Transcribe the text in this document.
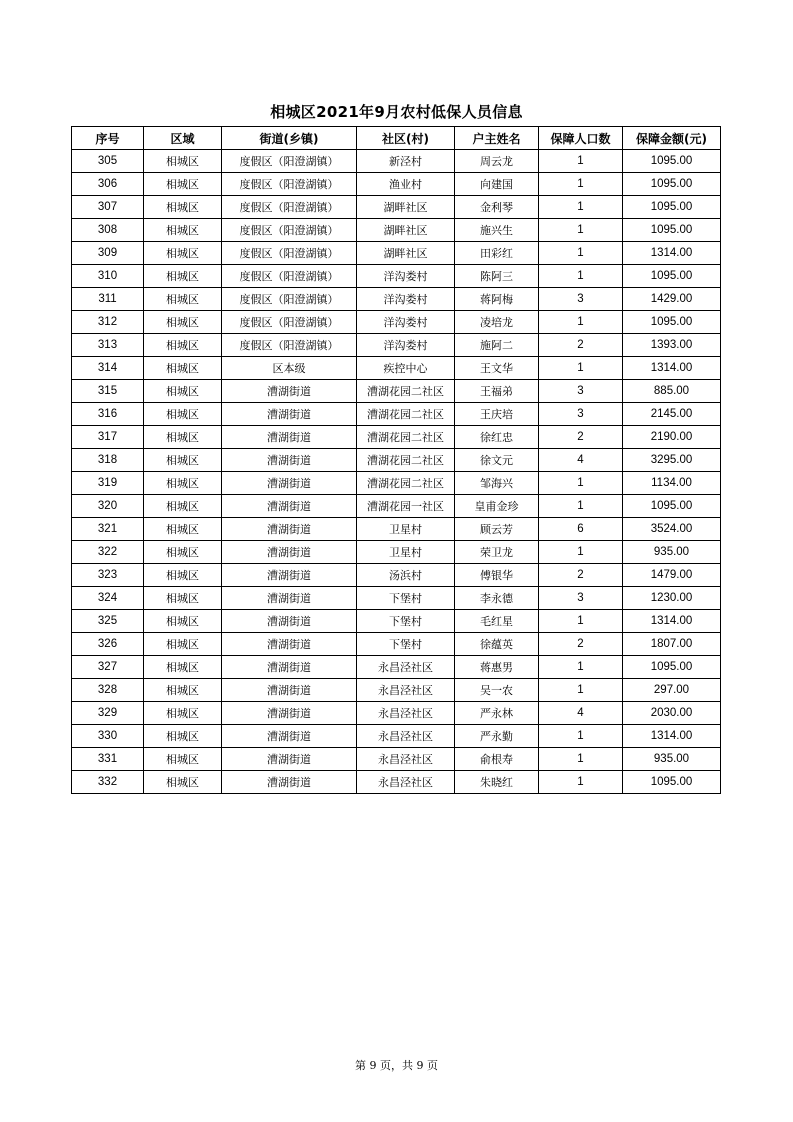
相城区2021年9月农村低保人员信息
序号	区域	街道(乡镇)	社区(村)	户主姓名	保障人口数	保障金额(元)
305	相城区	度假区（阳澄湖镇）	新泾村	周云龙	1	1095.00
306	相城区	度假区（阳澄湖镇）	渔业村	向建国	1	1095.00
307	相城区	度假区（阳澄湖镇）	湖畔社区	金利琴	1	1095.00
308	相城区	度假区（阳澄湖镇）	湖畔社区	施兴生	1	1095.00
309	相城区	度假区（阳澄湖镇）	湖畔社区	田彩红	1	1314.00
310	相城区	度假区（阳澄湖镇）	洋沟娄村	陈阿三	1	1095.00
311	相城区	度假区（阳澄湖镇）	洋沟娄村	蒋阿梅	3	1429.00
312	相城区	度假区（阳澄湖镇）	洋沟娄村	凌培龙	1	1095.00
313	相城区	度假区（阳澄湖镇）	洋沟娄村	施阿二	2	1393.00
314	相城区	区本级	疾控中心	王文华	1	1314.00
315	相城区	漕湖街道	漕湖花园二社区	王福弟	3	885.00
316	相城区	漕湖街道	漕湖花园二社区	王庆培	3	2145.00
317	相城区	漕湖街道	漕湖花园二社区	徐红忠	2	2190.00
318	相城区	漕湖街道	漕湖花园二社区	徐文元	4	3295.00
319	相城区	漕湖街道	漕湖花园二社区	邹海兴	1	1134.00
320	相城区	漕湖街道	漕湖花园一社区	皇甫金珍	1	1095.00
321	相城区	漕湖街道	卫星村	顾云芳	6	3524.00
322	相城区	漕湖街道	卫星村	荣卫龙	1	935.00
323	相城区	漕湖街道	汤浜村	傅银华	2	1479.00
324	相城区	漕湖街道	下堡村	李永德	3	1230.00
325	相城区	漕湖街道	下堡村	毛红星	1	1314.00
326	相城区	漕湖街道	下堡村	徐蕴英	2	1807.00
327	相城区	漕湖街道	永昌泾社区	蒋惠男	1	1095.00
328	相城区	漕湖街道	永昌泾社区	吴一农	1	297.00
329	相城区	漕湖街道	永昌泾社区	严永林	4	2030.00
330	相城区	漕湖街道	永昌泾社区	严永勤	1	1314.00
331	相城区	漕湖街道	永昌泾社区	俞根寿	1	935.00
332	相城区	漕湖街道	永昌泾社区	朱晓红	1	1095.00
第 9 页，共 9 页
